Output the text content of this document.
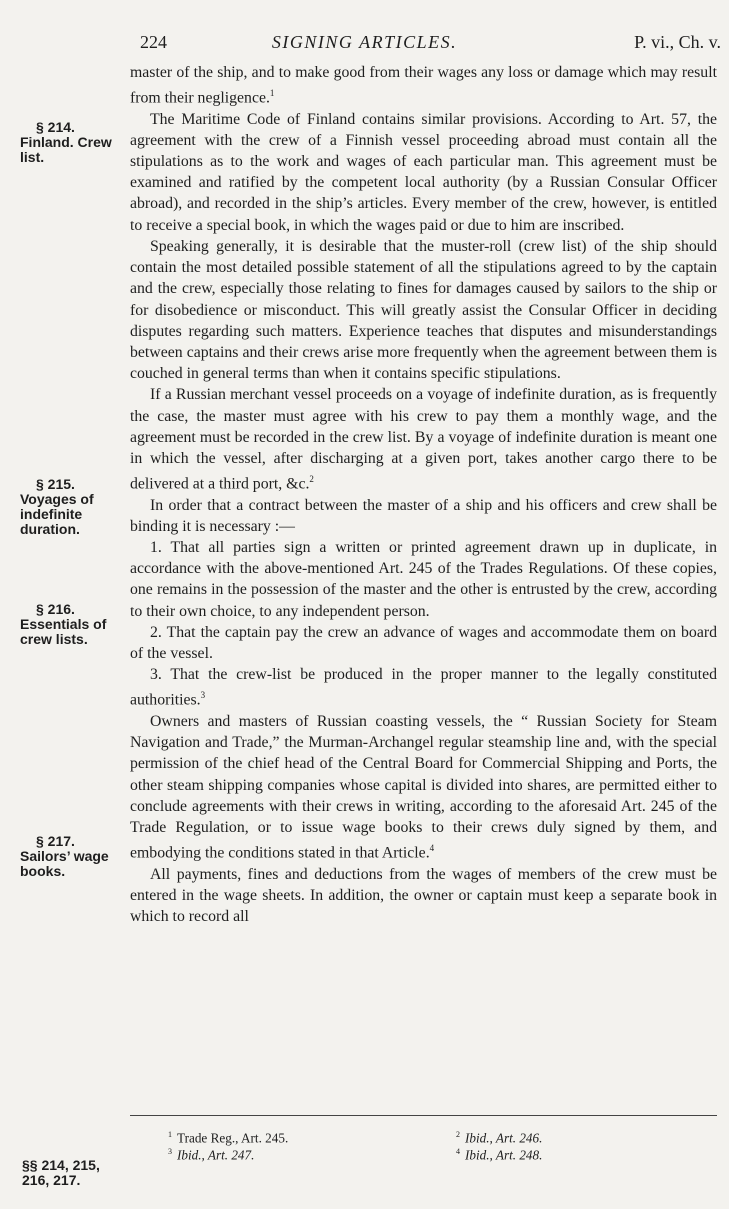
224	SIGNING ARTICLES.	P. vi., Ch. v.
§ 214.
Finland. Crew list.
§ 215.
Voyages of indefinite duration.
§ 216.
Essentials of crew lists.
§ 217.
Sailors’ wage books.

master of the ship, and to make good from their wages any loss or damage which may result from their negligence.$^1$

The Maritime Code of Finland contains similar provisions. According to Art. 57, the agreement with the crew of a Finnish vessel proceeding abroad must contain all the stipulations as to the work and wages of each particular man. This agreement must be examined and ratified by the competent local authority (by a Russian Consular Officer abroad), and recorded in the ship’s articles. Every member of the crew, however, is entitled to receive a special book, in which the wages paid or due to him are inscribed.

Speaking generally, it is desirable that the muster-roll (crew list) of the ship should contain the most detailed possible statement of all the stipulations agreed to by the captain and the crew, especially those relating to fines for damages caused by sailors to the ship or for disobedience or misconduct. This will greatly assist the Consular Officer in deciding disputes regarding such matters. Experience teaches that disputes and misunderstandings between captains and their crews arise more frequently when the agreement between them is couched in general terms than when it contains specific stipulations.

If a Russian merchant vessel proceeds on a voyage of indefinite duration, as is frequently the case, the master must agree with his crew to pay them a monthly wage, and the agreement must be recorded in the crew list. By a voyage of indefinite duration is meant one in which the vessel, after discharging at a given port, takes another cargo there to be delivered at a third port, &c.$^2$

In order that a contract between the master of a ship and his officers and crew shall be binding it is necessary :—

1. That all parties sign a written or printed agreement drawn up in duplicate, in accordance with the above-mentioned Art. 245 of the Trades Regulations. Of these copies, one remains in the possession of the master and the other is entrusted by the crew, according to their own choice, to any independent person.

2. That the captain pay the crew an advance of wages and accommodate them on board of the vessel.

3. That the crew-list be produced in the proper manner to the legally constituted authorities.$^3$

Owners and masters of Russian coasting vessels, the “ Russian Society for Steam Navigation and Trade,” the Murman-Archangel regular steamship line and, with the special permission of the chief head of the Central Board for Commercial Shipping and Ports, the other steam shipping companies whose capital is divided into shares, are permitted either to conclude agreements with their crews in writing, according to the aforesaid Art. 245 of the Trade Regulation, or to issue wage books to their crews duly signed by them, and embodying the conditions stated in that Article.$^4$

All payments, fines and deductions from the wages of members of the crew must be entered in the wage sheets. In addition, the owner or captain must keep a separate book in which to record all

$^1$ Trade Reg., Art. 245.	$^2$ Ibid., Art. 246.
$^3$ Ibid., Art. 247.	$^4$ Ibid., Art. 248.
§§ 214, 215, 216, 217.
